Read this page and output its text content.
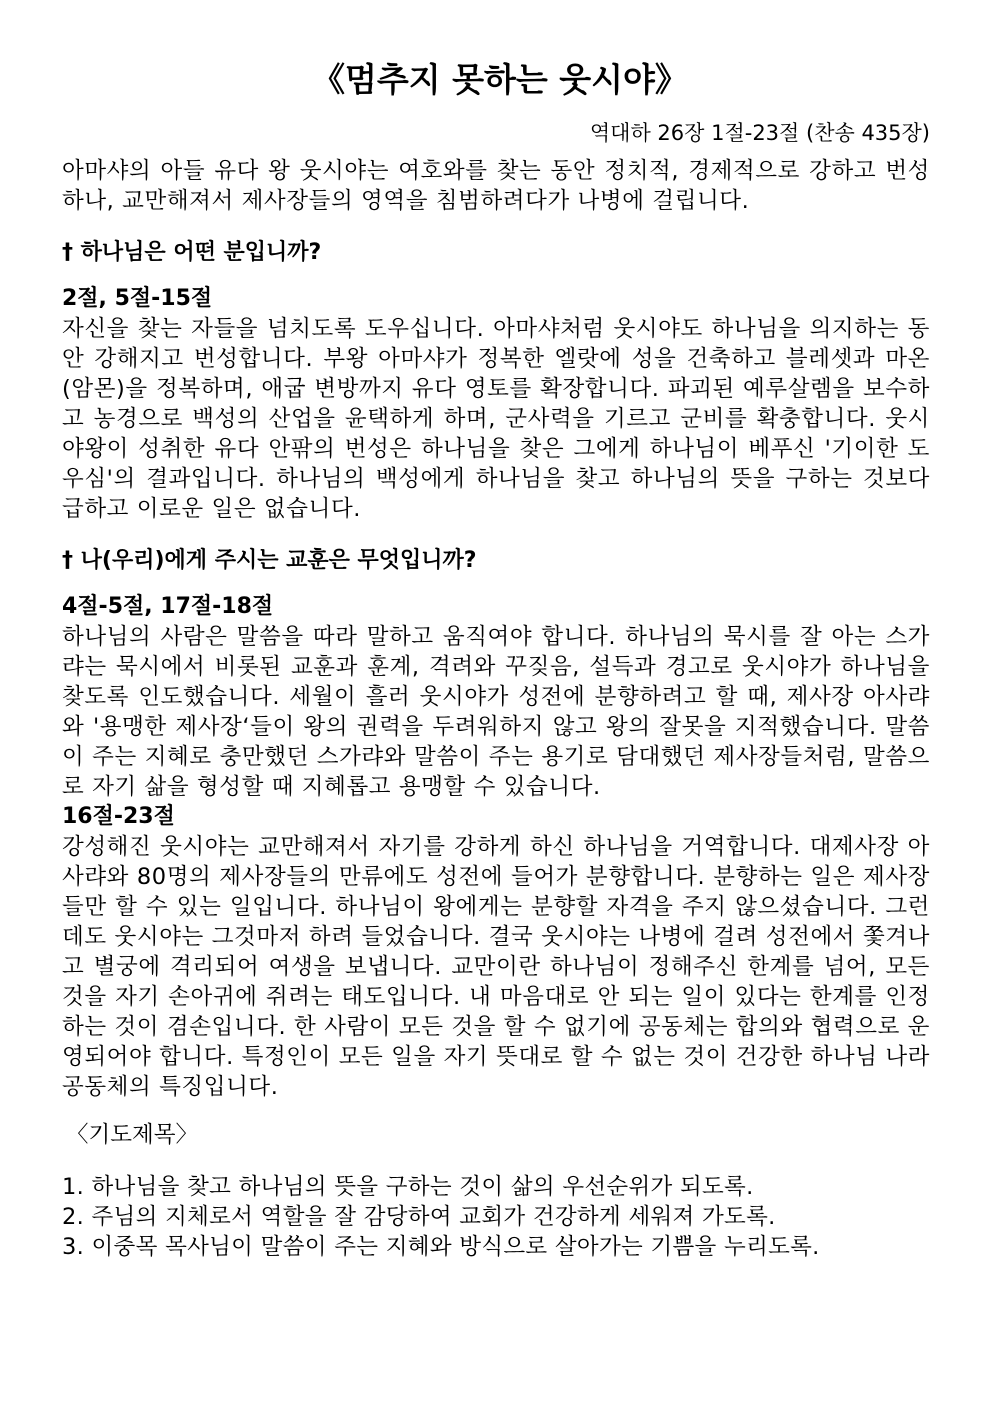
《멈추지 못하는 웃시야》
역대하 26장 1절-23절 (찬송 435장)
아마샤의 아들 유다 왕 웃시야는 여호와를 찾는 동안 정치적, 경제적으로 강하고 번성하나, 교만해져서 제사장들의 영역을 침범하려다가 나병에 걸립니다.
† 하나님은 어떤 분입니까?
2절, 5절-15절
자신을 찾는 자들을 넘치도록 도우십니다. 아마샤처럼 웃시야도 하나님을 의지하는 동안 강해지고 번성합니다. 부왕 아마샤가 정복한 엘랏에 성을 건축하고 블레셋과 마온(암몬)을 정복하며, 애굽 변방까지 유다 영토를 확장합니다. 파괴된 예루살렘을 보수하고 농경으로 백성의 산업을 윤택하게 하며, 군사력을 기르고 군비를 확충합니다. 웃시야왕이 성취한 유다 안팎의 번성은 하나님을 찾은 그에게 하나님이 베푸신 '기이한 도우심'의 결과입니다. 하나님의 백성에게 하나님을 찾고 하나님의 뜻을 구하는 것보다 급하고 이로운 일은 없습니다.
† 나(우리)에게 주시는 교훈은 무엇입니까?
4절-5절, 17절-18절
하나님의 사람은 말씀을 따라 말하고 움직여야 합니다. 하나님의 묵시를 잘 아는 스가랴는 묵시에서 비롯된 교훈과 훈계, 격려와 꾸짖음, 설득과 경고로 웃시야가 하나님을 찾도록 인도했습니다. 세월이 흘러 웃시야가 성전에 분향하려고 할 때, 제사장 아사랴와 '용맹한 제사장‘들이 왕의 권력을 두려워하지 않고 왕의 잘못을 지적했습니다. 말씀이 주는 지혜로 충만했던 스가랴와 말씀이 주는 용기로 담대했던 제사장들처럼, 말씀으로 자기 삶을 형성할 때 지혜롭고 용맹할 수 있습니다.
16절-23절
강성해진 웃시야는 교만해져서 자기를 강하게 하신 하나님을 거역합니다. 대제사장 아사랴와 80명의 제사장들의 만류에도 성전에 들어가 분향합니다. 분향하는 일은 제사장들만 할 수 있는 일입니다. 하나님이 왕에게는 분향할 자격을 주지 않으셨습니다. 그런데도 웃시야는 그것마저 하려 들었습니다. 결국 웃시야는 나병에 걸려 성전에서 쫓겨나고 별궁에 격리되어 여생을 보냅니다. 교만이란 하나님이 정해주신 한계를 넘어, 모든 것을 자기 손아귀에 쥐려는 태도입니다. 내 마음대로 안 되는 일이 있다는 한계를 인정하는 것이 겸손입니다. 한 사람이 모든 것을 할 수 없기에 공동체는 합의와 협력으로 운영되어야 합니다. 특정인이 모든 일을 자기 뜻대로 할 수 없는 것이 건강한 하나님 나라 공동체의 특징입니다.
〈기도제목〉
1. 하나님을 찾고 하나님의 뜻을 구하는 것이 삶의 우선순위가 되도록.
2. 주님의 지체로서 역할을 잘 감당하여 교회가 건강하게 세워져 가도록.
3. 이중목 목사님이 말씀이 주는 지혜와 방식으로 살아가는 기쁨을 누리도록.
